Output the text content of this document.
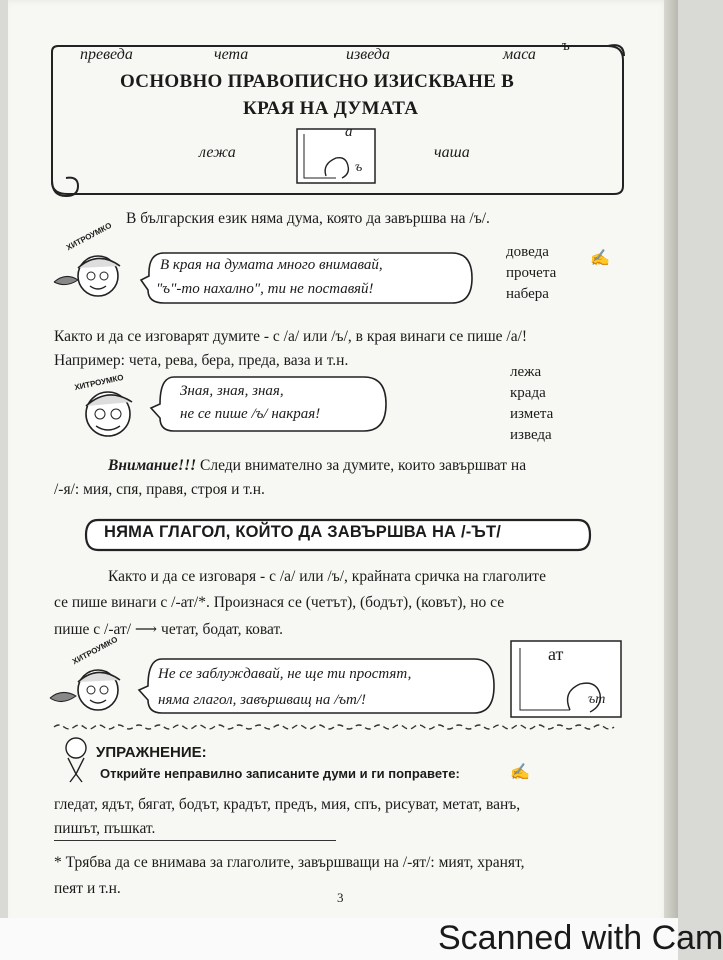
преведа	чета	изведа	маса ъ
ОСНОВНО ПРАВОПИСНО ИЗИСКВАНЕ В
КРАЯ НА ДУМАТА
лежа	чаша
а
ъ
В българския език няма дума, която да завършва на /ъ/.
ХИТРОУМКО
В края на думата много внимавай,
"ъ"-то нахално", ти не поставяй!
доведа
прочета
набера
✍
Както и да се изговарят думите - с /а/ или /ъ/, в края винаги се пише /а/!
Например: чета, рева, бера, преда, ваза и т.н.
ХИТРОУМКО	Зная, зная, зная,
не се пише /ъ/ накрая!
лежа
крада
измета
изведа
Внимание!!! Следи внимателно за думите, които завършват на
/-я/: мия, спя, правя, строя и т.н.
НЯМА ГЛАГОЛ, КОЙТО ДА ЗАВЪРШВА НА /-ЪТ/
Както и да се изговаря - с /а/ или /ъ/, крайната сричка на глаголите
се пише винаги с /-ат/*. Произнася се (четът), (бодът), (ковът), но се
пише с /-ат/ ⟶ четат, бодат, коват.
ХИТРОУМКО
Не се заблуждавай, не ще ти простят,
няма глагол, завършващ на /ът/!
ат
ът
УПРАЖНЕНИЕ:
Открийте неправилно записаните думи и ги поправете:	✍
гледат, ядът, бягат, бодът, крадът, предъ, мия, спъ, рисуват, метат, ванъ,
пишът, пъшкат.
* Трябва да се внимава за глаголите, завършващи на /-ят/: мият, хранят,
пеят и т.н.
3
Scanned with Cam
